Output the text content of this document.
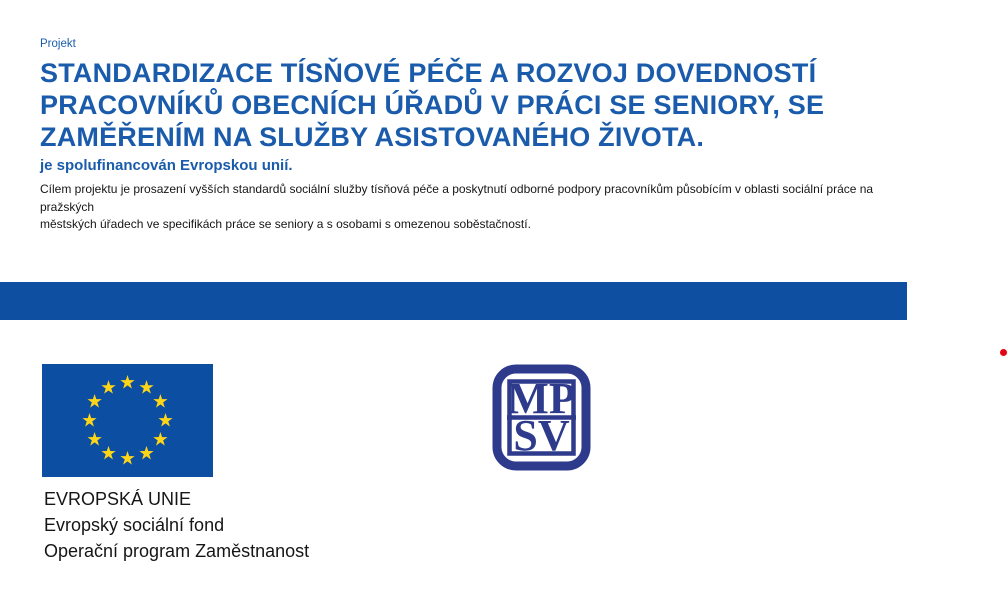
Projekt
STANDARDIZACE TÍSŇOVÉ PÉČE A ROZVOJ DOVEDNOSTÍ
PRACOVNÍKŮ OBECNÍCH ÚŘADŮ V PRÁCI SE SENIORY, SE
ZAMĚŘENÍM NA SLUŽBY ASISTOVANÉHO ŽIVOTA.
je spolufinancován Evropskou unií.
Cílem projektu je prosazení vyšších standardů sociální služby tísňová péče a poskytnutí odborné podpory pracovníkům působícím v oblasti sociální práce na pražských
městských úřadech ve specifikách práce se seniory a s osobami s omezenou soběstačností.
EVROPSKÁ UNIE
Evropský sociální fond
Operační program Zaměstnanost
MP
SV
